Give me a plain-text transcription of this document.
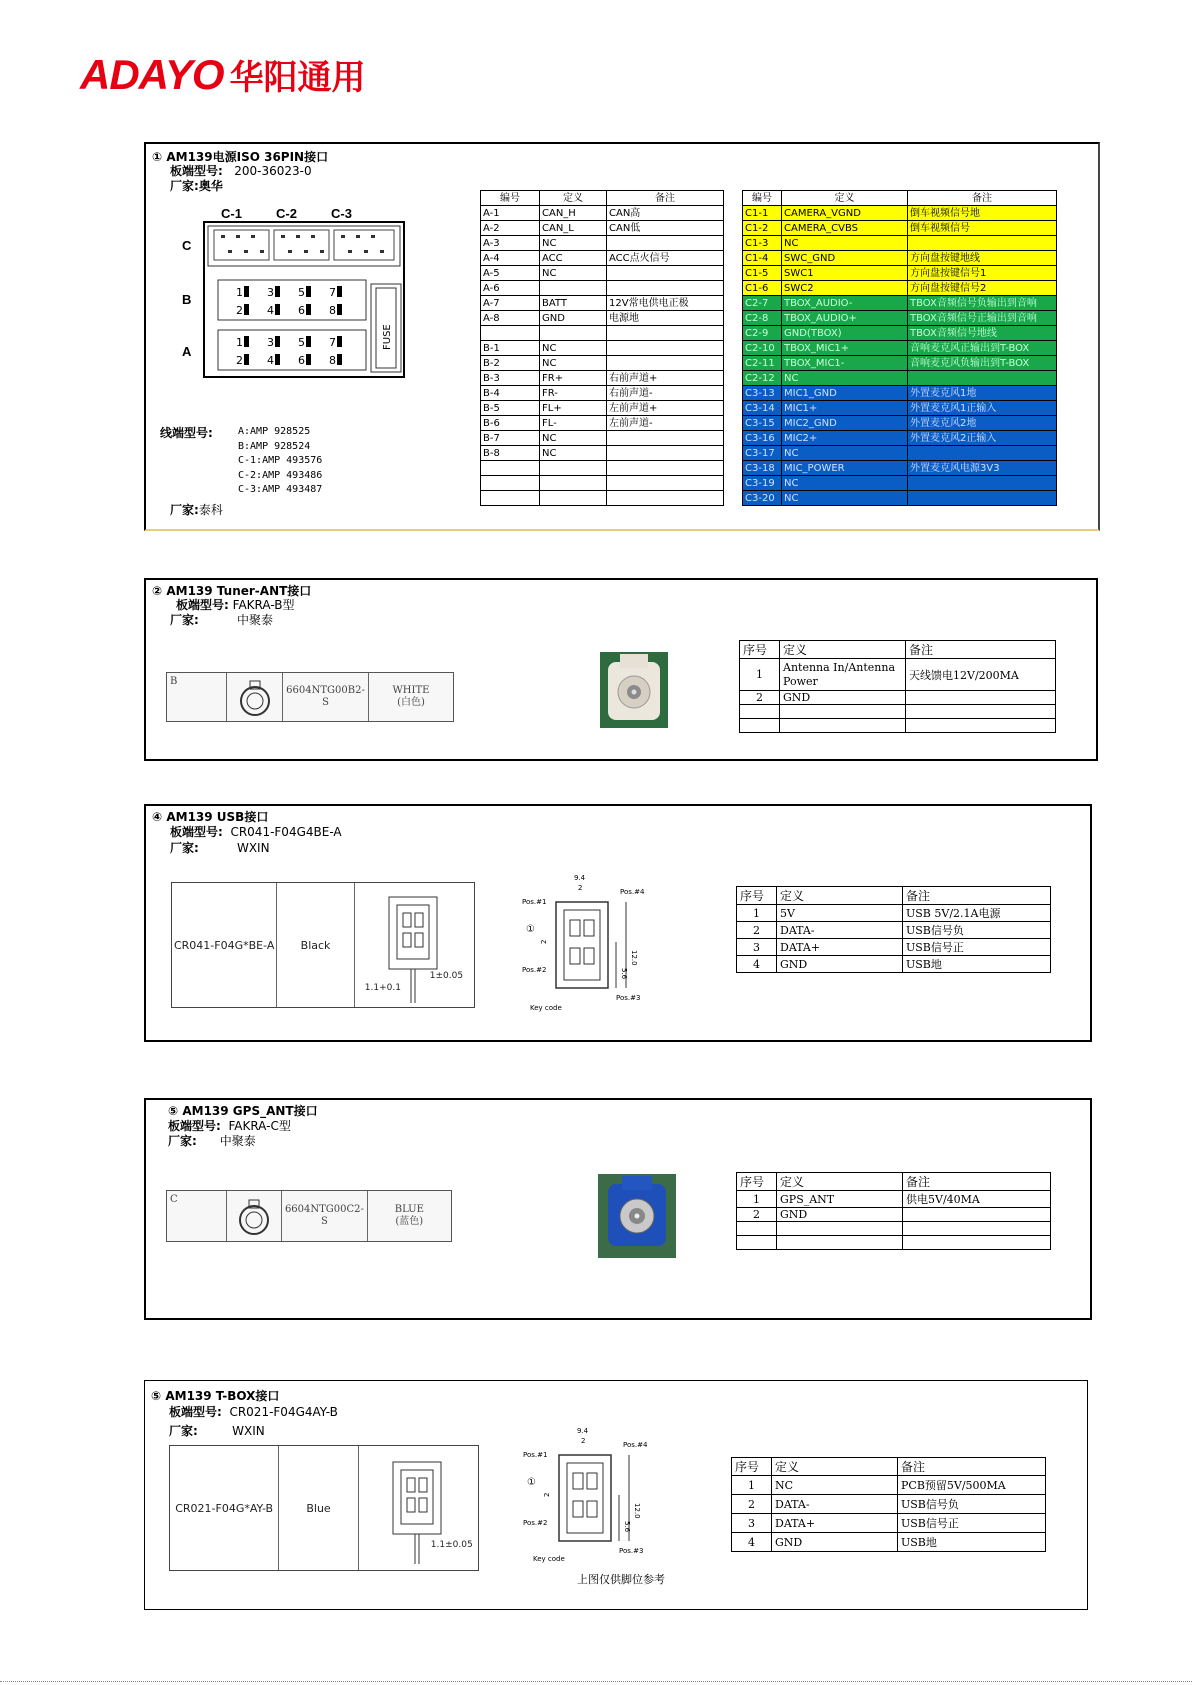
ADAYO 华阳通用
① AM139电源ISO 36PIN接口
板端型号: 200-36023-0
厂家:奥华
C-1	C-2	C-3
C
B
A
1 3 5 7
2 4 6 8
1 3 5 7
2 4 6 8
FUSE
线端型号:	A:AMP 928525
B:AMP 928524
C-1:AMP 493576
C-2:AMP 493486
C-3:AMP 493487
厂家:泰科
编号	定义	备注
A-1	CAN_H	CAN高
A-2	CAN_L	CAN低
A-3	NC	
A-4	ACC	ACC点火信号
A-5	NC	
A-6		
A-7	BATT	12V常电供电正极
A-8	GND	电源地

B-1	NC	
B-2	NC	
B-3	FR+	右前声道+
B-4	FR-	右前声道-
B-5	FL+	左前声道+
B-6	FL-	左前声道-
B-7	NC	
B-8	NC	

编号	定义	备注
C1-1	CAMERA_VGND	倒车视频信号地
C1-2	CAMERA_CVBS	倒车视频信号
C1-3	NC	
C1-4	SWC_GND	方向盘按键地线
C1-5	SWC1	方向盘按键信号1
C1-6	SWC2	方向盘按键信号2
C2-7	TBOX_AUDIO-	TBOX音频信号负输出到音响
C2-8	TBOX_AUDIO+	TBOX音频信号正输出到音响
C2-9	GND(TBOX)	TBOX音频信号地线
C2-10	TBOX_MIC1+	音响麦克风正输出到T-BOX
C2-11	TBOX_MIC1-	音响麦克风负输出到T-BOX
C2-12	NC	
C3-13	MIC1_GND	外置麦克风1地
C3-14	MIC1+	外置麦克风1正输入
C3-15	MIC2_GND	外置麦克风2地
C3-16	MIC2+	外置麦克风2正输入
C3-17	NC	
C3-18	MIC_POWER	外置麦克风电源3V3
C3-19	NC	
C3-20	NC	
② AM139 Tuner-ANT接口
板端型号: FAKRA-B型
厂家:	中聚泰
B
6604NTG00B2-S
WHITE
(白色)
序号	定义	备注
1	Antenna In/Antenna Power	天线馈电12V/200MA
2	GND	

④ AM139 USB接口
板端型号: CR041-F04G4BE-A
厂家:	WXIN
CR041-F04G*BE-A	Black
1.1+0.1
1±0.05
9.4
2	Pos.#4
Pos.#3
Pos.#1
Pos.#2
12.0
5.6
Key code
①
2
序号	定义	备注
1	5V	USB 5V/2.1A电源
2	DATA-	USB信号负
3	DATA+	USB信号正
4	GND	USB地
⑤ AM139 GPS_ANT接口
板端型号: FAKRA-C型
厂家: 中聚泰
C
6604NTG00C2-S
BLUE
(蓝色)
序号	定义	备注
1	GPS_ANT	供电5V/40MA
2	GND	

⑤ AM139 T-BOX接口
板端型号: CR021-F04G4AY-B
厂家:	WXIN
CR021-F04G*AY-B	Blue
1.1±0.05
9.4
2	Pos.#4
Pos.#3
Pos.#1
Pos.#2
12.0
5.6
Key code
①
2
上图仅供脚位参考
序号	定义	备注
1	NC	PCB预留5V/500MA
2	DATA-	USB信号负
3	DATA+	USB信号正
4	GND	USB地
